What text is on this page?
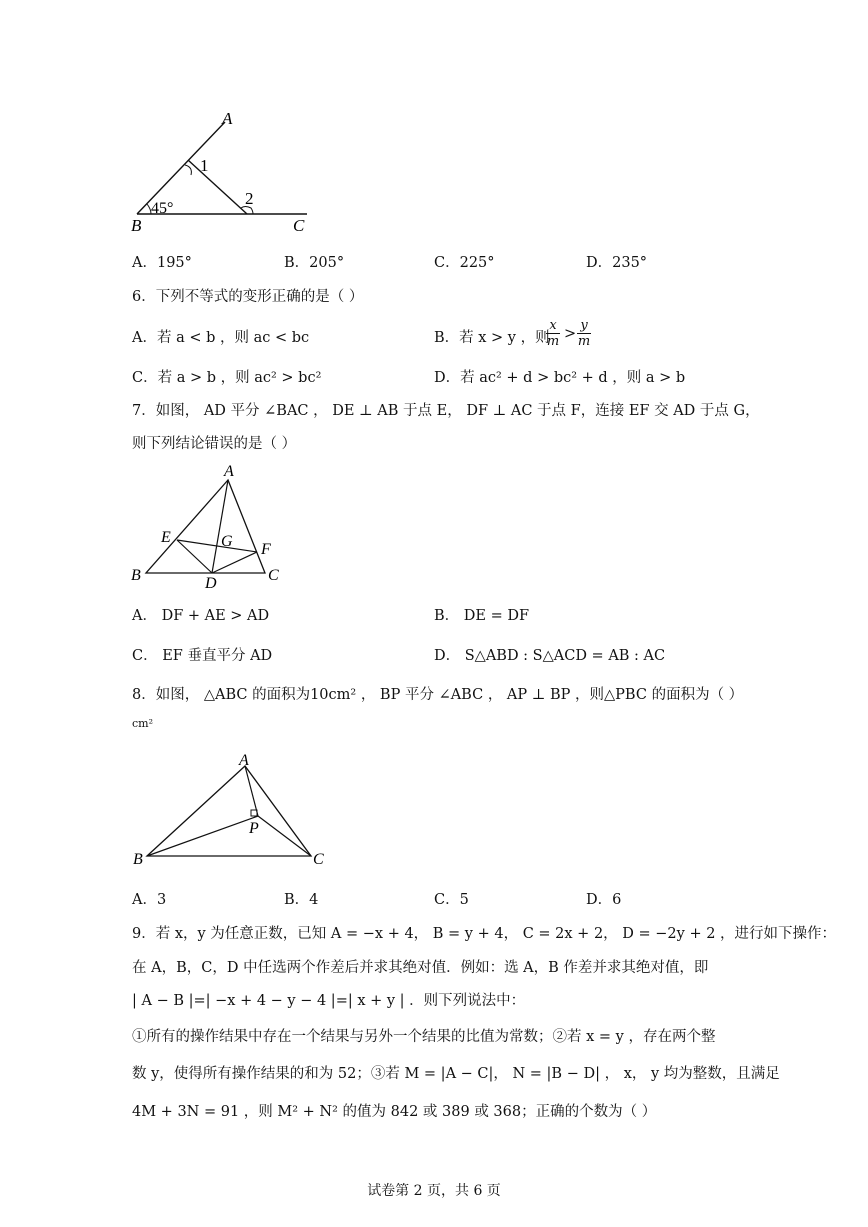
A
B	C
1
2
45°
A．195°	B．205°	C．225°	D．235°
6．下列不等式的变形正确的是（ ）
A．若 a < b ，则 ac < bc	B．若 x > y ，则
$\frac{x}{m} > \frac{y}{m}$
C．若 a > b ，则 ac² > bc²	D．若 ac² + d > bc² + d ，则 a > b
7．如图， AD 平分 ∠BAC ， DE ⊥ AB 于点 E， DF ⊥ AC 于点 F，连接 EF 交 AD 于点 G，
则下列结论错误的是（ ）
A
B	C
D
E
F
G
A． DF + AE > AD	B． DE = DF
C． EF 垂直平分 AD	D． S△ABD : S△ACD = AB : AC
8．如图， △ABC 的面积为10cm² ， BP 平分 ∠ABC ， AP ⊥ BP ，则△PBC 的面积为（ ）
cm²
A
B	C
P
A．3	B．4	C．5	D．6
9．若 x，y 为任意正数，已知 A = −x + 4， B = y + 4， C = 2x + 2， D = −2y + 2 ，进行如下操作：
在 A，B，C，D 中任选两个作差后并求其绝对值．例如：选 A，B 作差并求其绝对值，即
| A − B |=| −x + 4 − y − 4 |=| x + y | ．则下列说法中：
①所有的操作结果中存在一个结果与另外一个结果的比值为常数；②若 x = y ，存在两个整
数 y，使得所有操作结果的和为 52；③若 M = |A − C|， N = |B − D| ， x， y 均为整数，且满足
4M + 3N = 91 ，则 M² + N² 的值为 842 或 389 或 368；正确的个数为（ ）
试卷第 2 页，共 6 页
